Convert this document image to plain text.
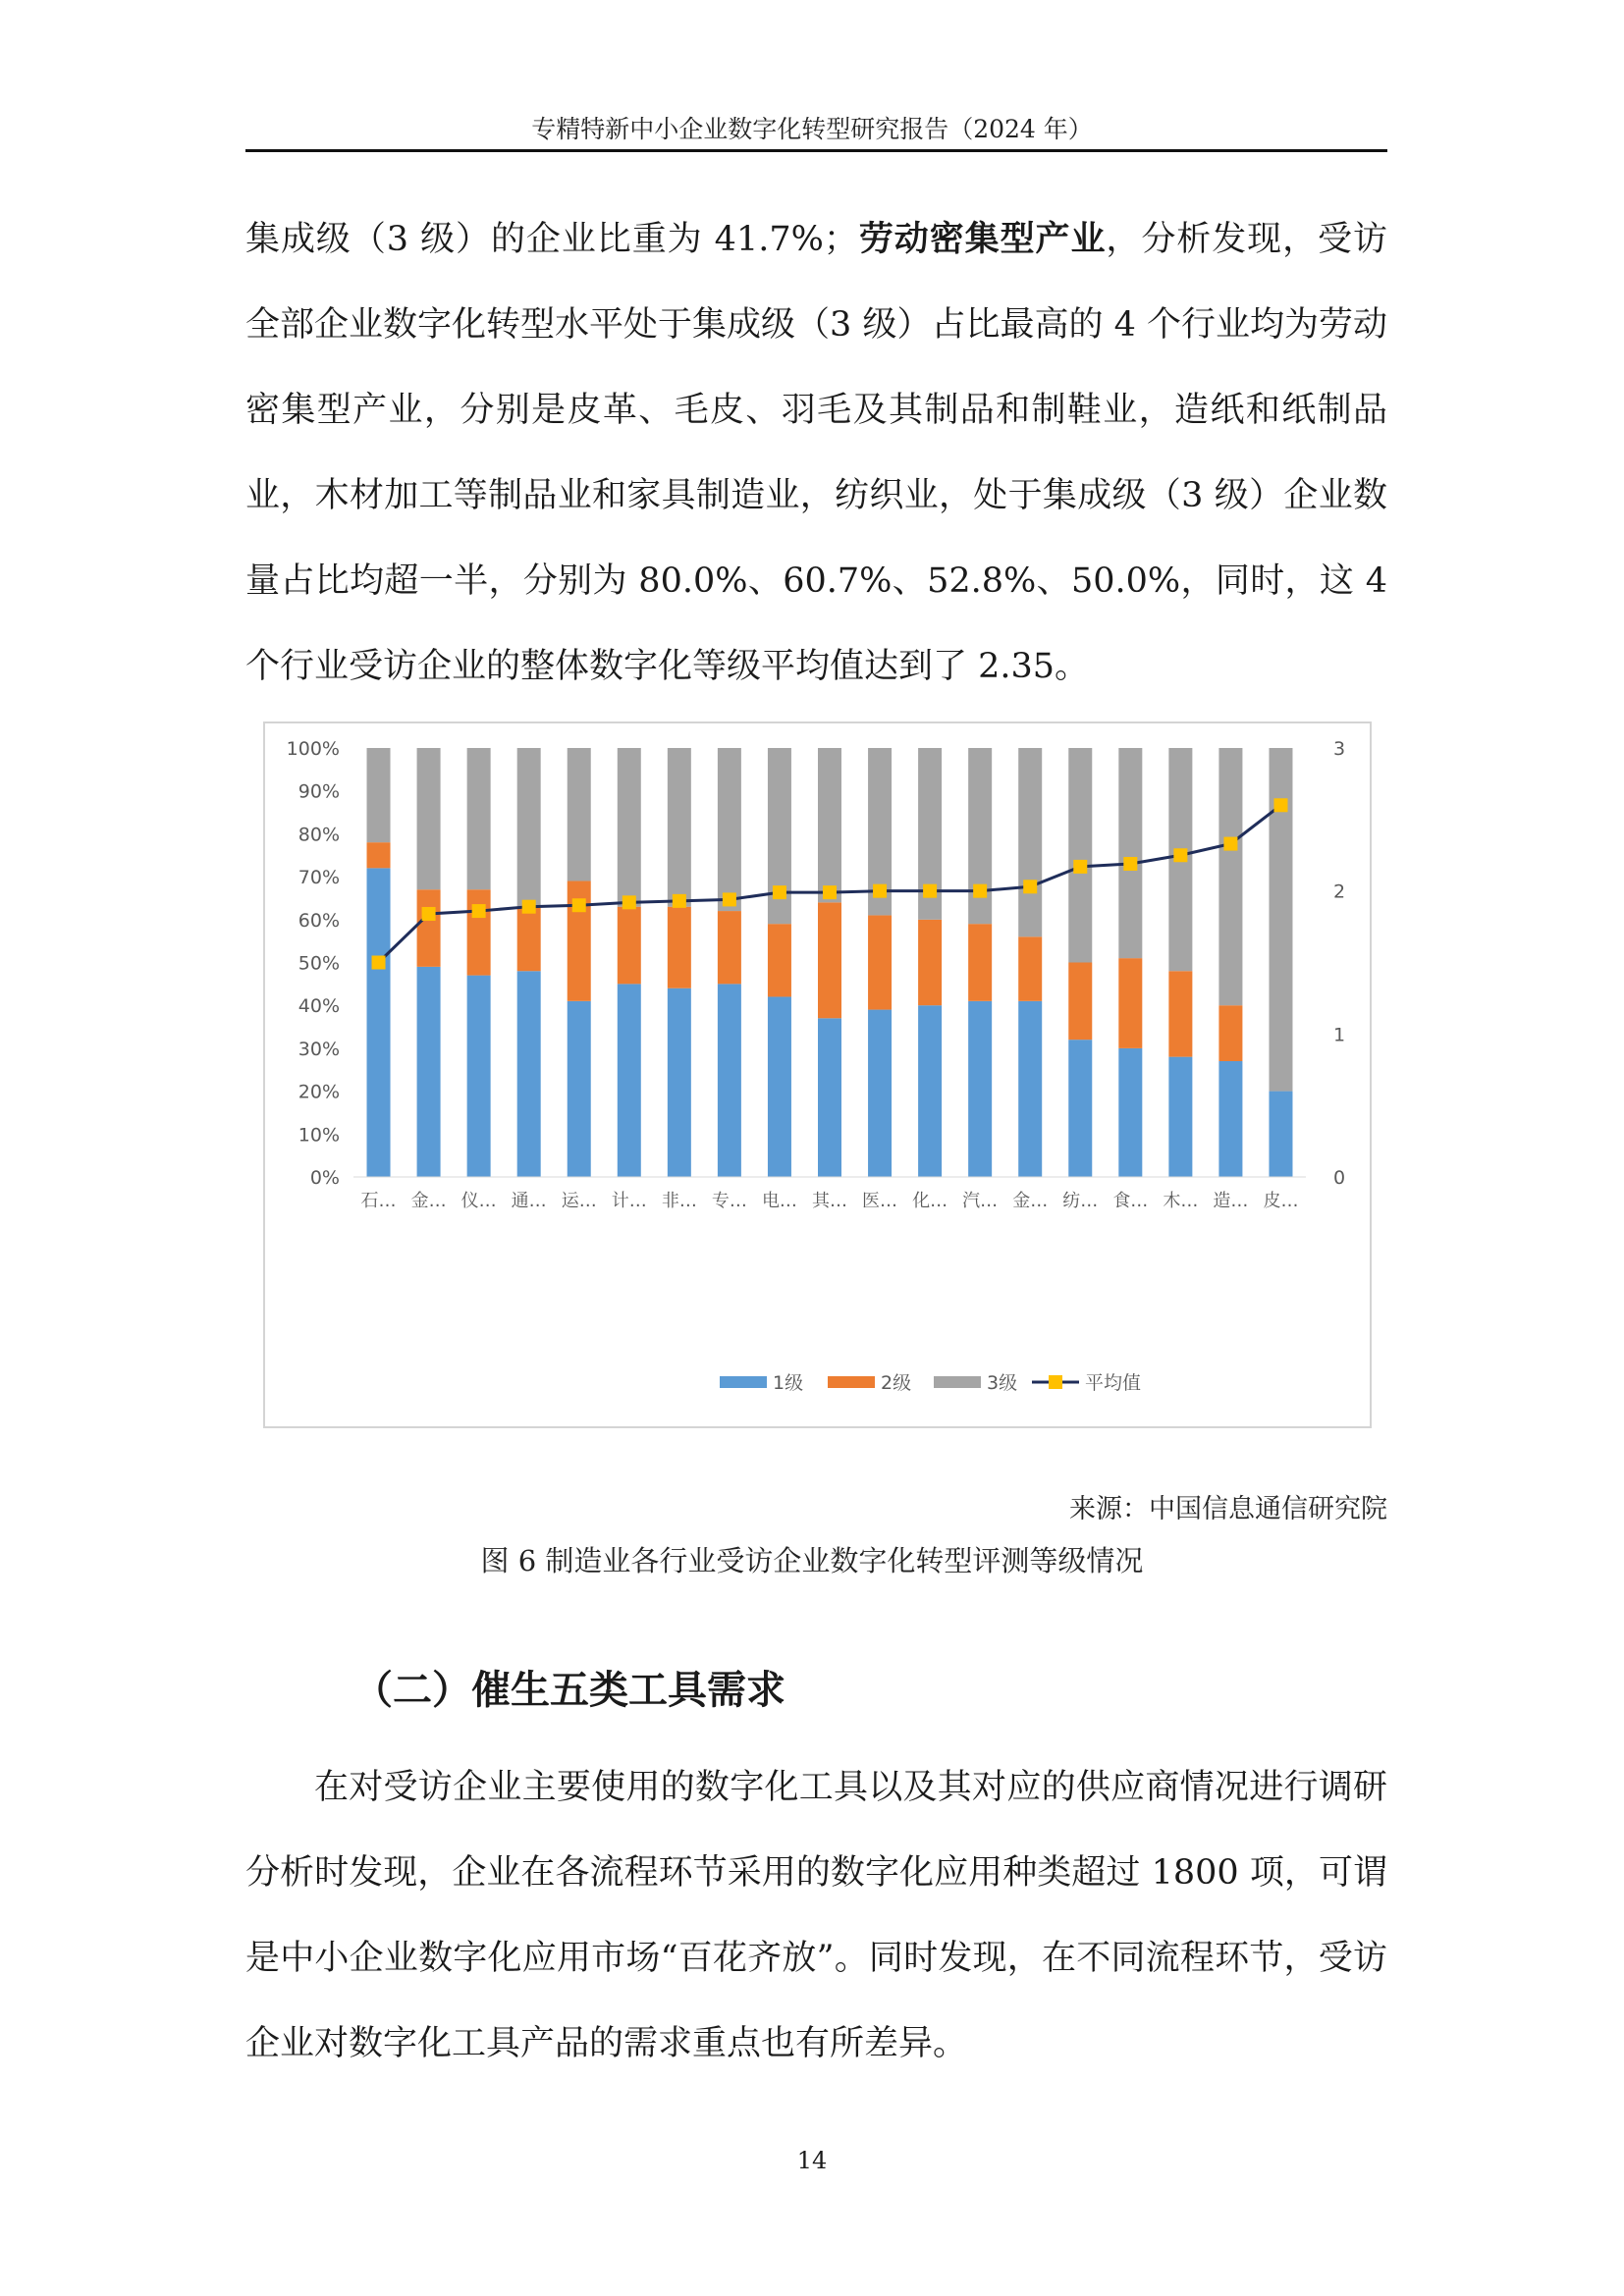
专精特新中小企业数字化转型研究报告（2024 年）

集成级（3 级）的企业比重为 41.7%；劳动密集型产业，分析发现，受访全部企业数字化转型水平处于集成级（3 级）占比最高的 4 个行业均为劳动密集型产业，分别是皮革、毛皮、羽毛及其制品和制鞋业，造纸和纸制品业，木材加工等制品业和家具制造业，纺织业，处于集成级（3 级）企业数量占比均超一半，分别为 80.0%、60.7%、52.8%、50.0%，同时，这 4 个行业受访企业的整体数字化等级平均值达到了 2.35。

0%
10%
20%
30%
40%
50%
60%
70%
80%
90%
100%
0
1
2
3
石… 金… 仪… 通… 运… 计… 非… 专… 电… 其… 医… 化… 汽… 金… 纺… 食… 木… 造… 皮…
1级	2级	3级	平均值
来源：中国信息通信研究院
图 6 制造业各行业受访企业数字化转型评测等级情况
（二）催生五类工具需求

在对受访企业主要使用的数字化工具以及其对应的供应商情况进行调研分析时发现，企业在各流程环节采用的数字化应用种类超过 1800 项，可谓是中小企业数字化应用市场“百花齐放”。同时发现，在不同流程环节，受访企业对数字化工具产品的需求重点也有所差异。

14
